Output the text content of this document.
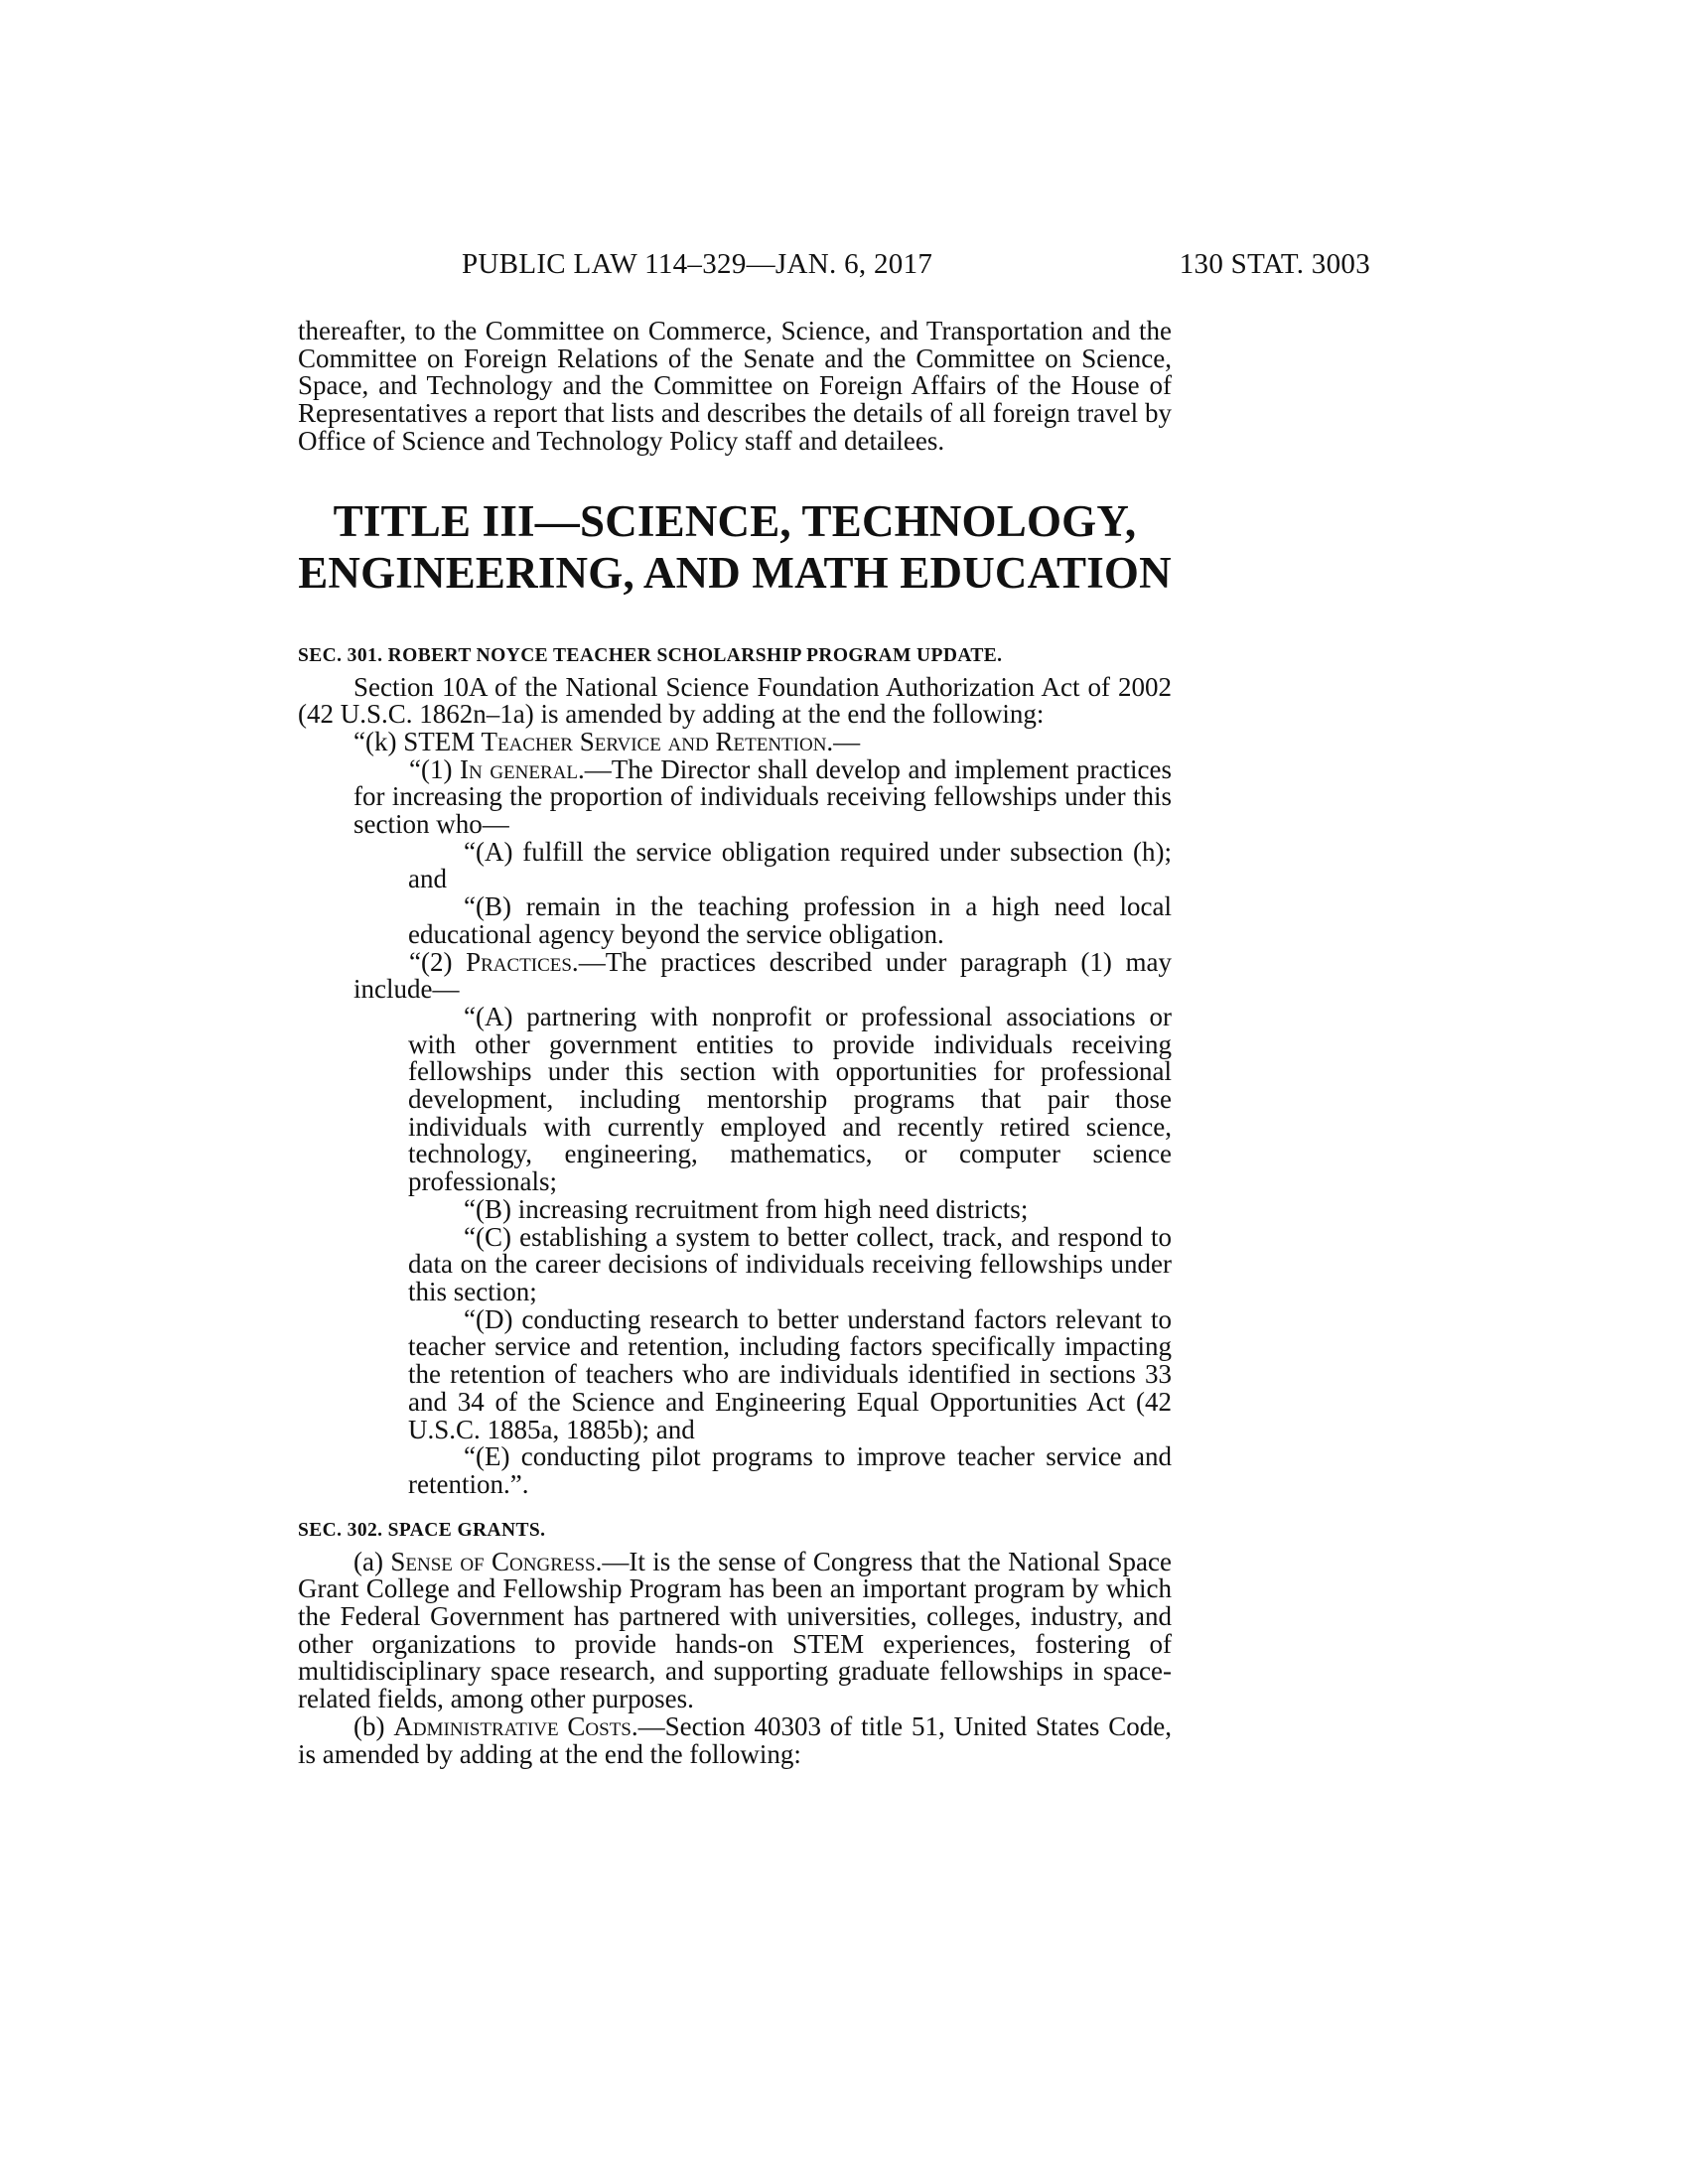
PUBLIC LAW 114–329—JAN. 6, 2017	130 STAT. 3003

thereafter, to the Committee on Commerce, Science, and Transportation and the Committee on Foreign Relations of the Senate and the Committee on Science, Space, and Technology and the Committee on Foreign Affairs of the House of Representatives a report that lists and describes the details of all foreign travel by Office of Science and Technology Policy staff and detailees.

TITLE III—SCIENCE, TECHNOLOGY,
ENGINEERING, AND MATH EDUCATION
SEC. 301. ROBERT NOYCE TEACHER SCHOLARSHIP PROGRAM UPDATE.

Section 10A of the National Science Foundation Authorization Act of 2002 (42 U.S.C. 1862n–1a) is amended by adding at the end the following:

“(k) STEM Teacher Service and Retention.—

“(1) In general.—The Director shall develop and implement practices for increasing the proportion of individuals receiving fellowships under this section who—

“(A) fulfill the service obligation required under subsection (h); and

“(B) remain in the teaching profession in a high need local educational agency beyond the service obligation.

“(2) Practices.—The practices described under paragraph (1) may include—

“(A) partnering with nonprofit or professional associations or with other government entities to provide individuals receiving fellowships under this section with opportunities for professional development, including mentorship programs that pair those individuals with currently employed and recently retired science, technology, engineering, mathematics, or computer science professionals;

“(B) increasing recruitment from high need districts;

“(C) establishing a system to better collect, track, and respond to data on the career decisions of individuals receiving fellowships under this section;

“(D) conducting research to better understand factors relevant to teacher service and retention, including factors specifically impacting the retention of teachers who are individuals identified in sections 33 and 34 of the Science and Engineering Equal Opportunities Act (42 U.S.C. 1885a, 1885b); and

“(E) conducting pilot programs to improve teacher service and retention.”.

SEC. 302. SPACE GRANTS.

(a) Sense of Congress.—It is the sense of Congress that the National Space Grant College and Fellowship Program has been an important program by which the Federal Government has partnered with universities, colleges, industry, and other organizations to provide hands-on STEM experiences, fostering of multidisciplinary space research, and supporting graduate fellowships in space-related fields, among other purposes.

(b) Administrative Costs.—Section 40303 of title 51, United States Code, is amended by adding at the end the following:
